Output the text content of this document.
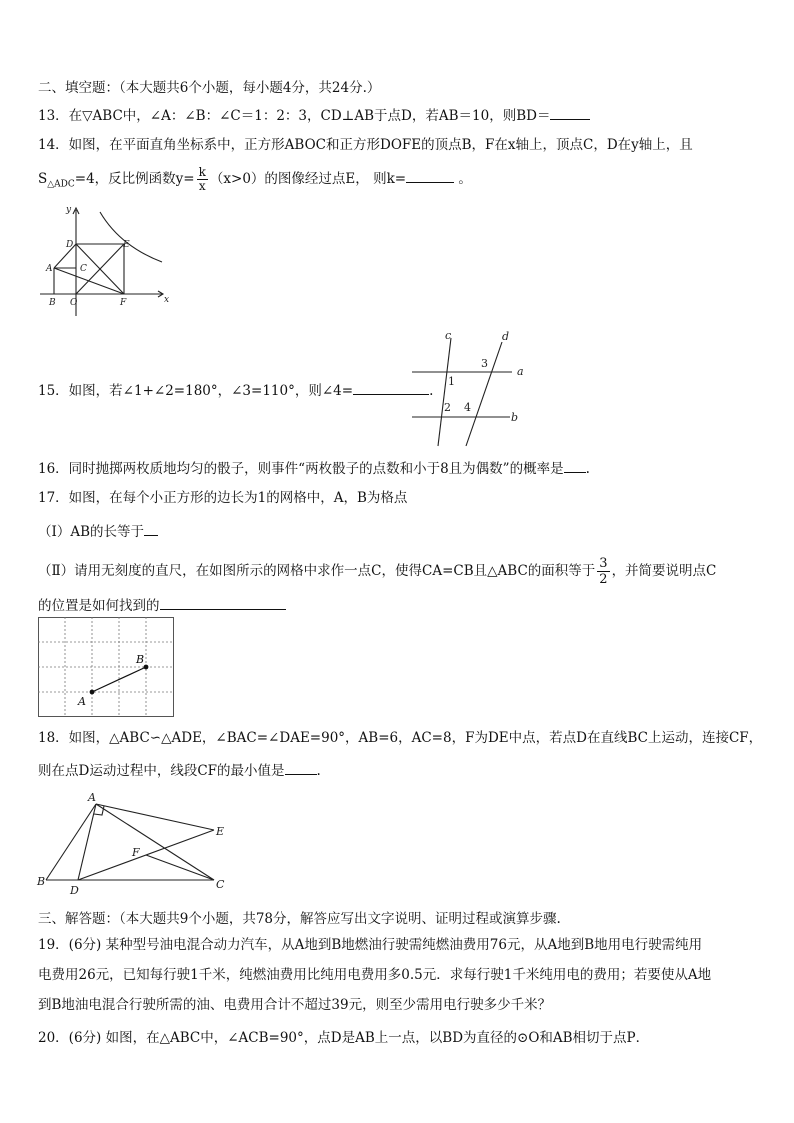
二、填空题：（本大题共6个小题，每小题4分，共24分.）
13．在▽ABC中，∠A：∠B：∠C＝1：2：3，CD⊥AB于点D，若AB＝10，则BD＝
14．如图，在平面直角坐标系中，正方形ABOC和正方形DOFE的顶点B，F在x轴上，顶点C，D在y轴上，且
$S_{\triangle ADC}=4$，反比例函数$y= \frac{k}{x} (x>0)$的图像经过点E， 则k=	。
y
x
D	E
A	C
B O	F
15．如图，若∠1+∠2=180°，∠3=110°，则∠4=	.
c	d
a
b
1
2
3
4
16．同时抛掷两枚质地均匀的骰子，则事件“两枚骰子的点数和小于8且为偶数”的概率是 .
17．如图，在每个小正方形的边长为1的网格中，A，B为格点
（Ⅰ）AB的长等于
（Ⅱ）请用无刻度的直尺，在如图所示的网格中求作一点C，使得CA=CB且△ABC的面积等于 $\frac{3}{2}$ ，并简要说明点C
的位置是如何找到的
A
B
18．如图，△ABC∽△ADE，∠BAC=∠DAE=90°，AB=6，AC=8，F为DE中点，若点D在直线BC上运动，连接CF，
则在点D运动过程中，线段CF的最小值是 .
A
E
F
B
D	C
三、解答题：（本大题共9个小题，共78分，解答应写出文字说明、证明过程或演算步骤.
19．(6分) 某种型号油电混合动力汽车，从A地到B地燃油行驶需纯燃油费用76元，从A地到B地用电行驶需纯用
电费用26元，已知每行驶1千米，纯燃油费用比纯用电费用多0.5元．求每行驶1千米纯用电的费用；若要使从A地
到B地油电混合行驶所需的油、电费用合计不超过39元，则至少需用电行驶多少千米？
20．(6分) 如图，在△ABC中，∠ACB=90°，点D是AB上一点，以BD为直径的⊙O和AB相切于点P．
